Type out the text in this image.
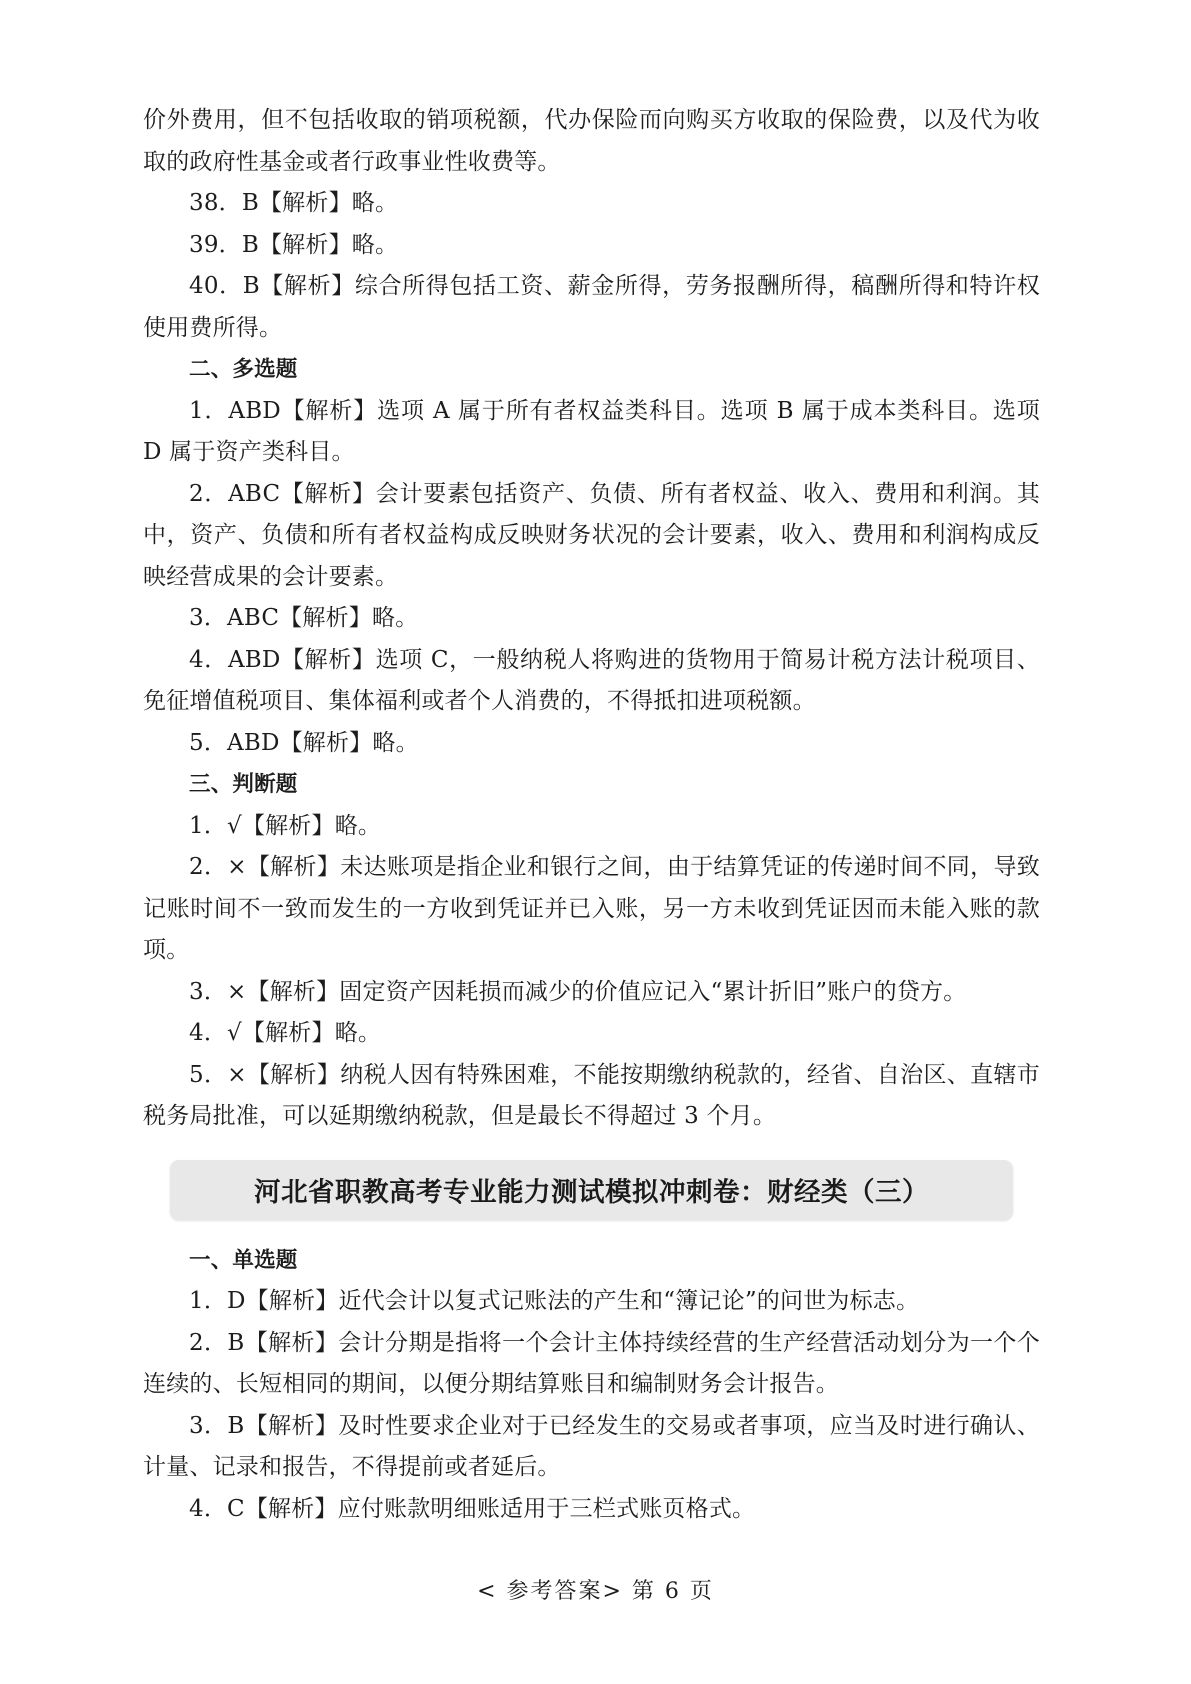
价外费用，但不包括收取的销项税额，代办保险而向购买方收取的保险费，以及代为收取的政府性基金或者行政事业性收费等。

38．B【解析】略。

39．B【解析】略。

40．B【解析】综合所得包括工资、薪金所得，劳务报酬所得，稿酬所得和特许权使用费所得。

二、多选题

1．ABD【解析】选项 A 属于所有者权益类科目。选项 B 属于成本类科目。选项 D 属于资产类科目。

2．ABC【解析】会计要素包括资产、负债、所有者权益、收入、费用和利润。其中，资产、负债和所有者权益构成反映财务状况的会计要素，收入、费用和利润构成反映经营成果的会计要素。

3．ABC【解析】略。

4．ABD【解析】选项 C，一般纳税人将购进的货物用于简易计税方法计税项目、免征增值税项目、集体福利或者个人消费的，不得抵扣进项税额。

5．ABD【解析】略。

三、判断题

1．√【解析】略。

2．×【解析】未达账项是指企业和银行之间，由于结算凭证的传递时间不同，导致记账时间不一致而发生的一方收到凭证并已入账，另一方未收到凭证因而未能入账的款项。

3．×【解析】固定资产因耗损而减少的价值应记入“累计折旧”账户的贷方。

4．√【解析】略。

5．×【解析】纳税人因有特殊困难，不能按期缴纳税款的，经省、自治区、直辖市税务局批准，可以延期缴纳税款，但是最长不得超过 3 个月。

河北省职教高考专业能力测试模拟冲刺卷：财经类（三）

一、单选题

1．D【解析】近代会计以复式记账法的产生和“簿记论”的问世为标志。

2．B【解析】会计分期是指将一个会计主体持续经营的生产经营活动划分为一个个连续的、长短相同的期间，以便分期结算账目和编制财务会计报告。

3．B【解析】及时性要求企业对于已经发生的交易或者事项，应当及时进行确认、计量、记录和报告，不得提前或者延后。

4．C【解析】应付账款明细账适用于三栏式账页格式。

< 参考答案> 第 6 页
